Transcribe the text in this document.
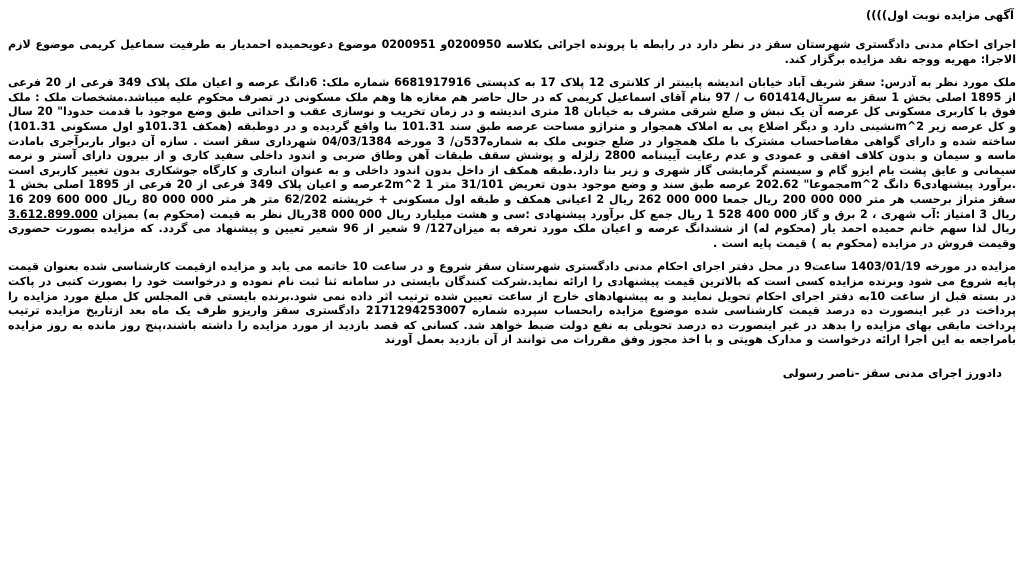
آگهی مزایده نوبت اول))))

اجرای احکام مدنی دادگستری شهرستان سقز در نظر دارد در رابطه با پرونده اجرائی بکلاسه 0200950و 0200951 موضوع دعویحمیده احمدیار به طرفیت سماعیل کریمی موضوع لازم الاجرا: مهریه ووجه نقد مزایده برگزار کند.

ملک مورد نظر به آدرس: سقز شریف آباد خیابان اندیشه پایینتر از کلانتری 12 پلاک 17 به کدپستی 6681917916 شماره ملک: 6دانگ عرصه و اعیان ملک پلاک 349 فرعی از 20 فرعی از 1895 اصلی بخش 1 سقز به سریال601414 ب / 97 بنام آقای اسماعیل کریمی که در حال حاضر هم مغازه ها وهم ملک مسکونی در تصرف محکوم علیه میباشد.مشخصات ملک : ملک فوق با کاربری مسکونی کل عرصه آن یک نبش و ضلع شرقی مشرف به خیابان 18 متری اندیشه و در زمان تخریب و نوسازی عقب و احداثی طبق وضع موجود با قدمت حدودا" 20 سال و کل عرصه زیر m^2نشینی دارد و دیگر اضلاع پی به املاک همجوار و متراژو مساحت عرصه طبق سند 101.31 بنا واقع گردیده و در دوطبقه (همکف 101.31و اول مسکونی 101.31) ساخته شده و دارای گواهی مفاصاحساب مشترک با ملک همجوار در ضلع جنوبی ملک به شماره537ن/ 3 مورخه 04/03/1384 شهرداری سقز است . سازه آن دیوار باربرآجری بامادت ماسه و سیمان و بدون کلاف افقی و عمودی و عدم رعایت آییننامه 2800 زلزله و پوشش سقف طبقات آهن وطاق ضربی و اندود داخلی سفید کاری و از بیرون دارای آستر و نرمه سیمانی و عایق پشت بام ایزو گام و سیستم گرمایشی گاز شهری و زیر بنا دارد.طبقه همکف از داخل بدون اندود داخلی و به عنوان انباری و کارگاه جوشکاری بدون تغییر کاربری است .برآورد پیشنهادی6 دانگ m^2مجموعا" 202.62 عرصه طبق سند و وضع موجود بدون تعریض 31/101 متر 1 2m^2عرصه و اعیان پلاک 349 فرعی از 20 فرعی از 1895 اصلی بخش 1 سقز متراژ برحسب هر متر 000 000 200 ریال جمعا 000 000 262 ریال 2 اعیانی همکف و طبقه اول مسکونی + خرپشته 62/202 متر هر متر 000 000 80 ریال 000 600 209 16 ریال 3 امتیاز :آب شهری ، 2 برق و گاز 000 400 528 1 ریال جمع کل برآورد پیشنهادی :سی و هشت میلیارد ریال 000 000 38ریال نظر به قیمت (محکوم به) بمیزان 3.612.899.000 ریال لذا سهم خانم حمیده احمد یار (محکوم له) از ششدانگ عرصه و اعیان ملک مورد تعرفه به میزان127/ 9 شعیر از 96 شعیر تعیین و پیشنهاد می گردد. که مزایده بصورت حضوری وقیمت فروش در مزایده (محکوم به ) قیمت پایه است .

مزایده در مورخه 1403/01/19 ساعت9 در محل دفتر اجرای احکام مدنی دادگستری شهرستان سقز شروع و در ساعت 10 خاتمه می یابد و مزایده ازقیمت کارشناسی شده بعنوان قیمت پایه شروع می شود وبرنده مزایده کسی است که بالاترین قیمت پیشنهادی را ارائه نماید.شرکت کنندگان بایستی در سامانه ثنا ثبت نام نموده و درخواست خود را بصورت کتبی در پاکت در بسته قبل از ساعت 10به دفتر اجرای احکام تحویل نمایند و به پیشنهادهای خارج از ساعت تعیین شده ترتیب اثر داده نمی شود.برنده بایستی فی المجلس کل مبلغ مورد مزایده را پرداخت در غیر اینصورت ده درصد قیمت کارشناسی شده موضوع مزایده رابحساب سپرده شماره 2171294253007 دادگستری سقز واریزو ظرف یک ماه بعد ازتاریخ مزایده ترتیب پرداخت مابقی بهای مزایده را بدهد در غیر اینصورت ده درصد تحویلی به نفع دولت ضبط خواهد شد. کسانی که قصد بازدید از مورد مزایده را داشته باشند،پنج روز مانده به روز مزایده بامراجعه به این اجرا ارائه درخواست و مدارک هویتی و با اخذ مجوز وفق مقررات می توانند از آن بازدید بعمل آورند

دادورز اجرای مدنی سقز -ناصر رسولی
